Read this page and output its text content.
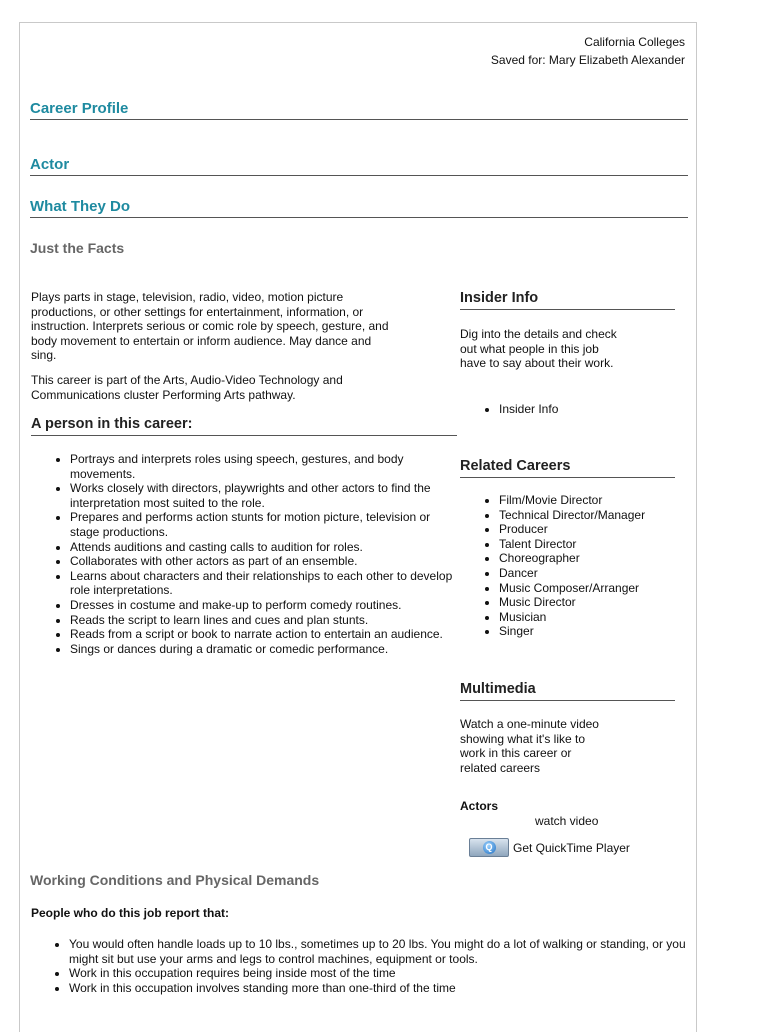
California Colleges
Saved for: Mary Elizabeth Alexander
Career Profile
Actor
What They Do
Just the Facts
Plays parts in stage, television, radio, video, motion picture productions, or other settings for entertainment, information, or instruction. Interprets serious or comic role by speech, gesture, and body movement to entertain or inform audience. May dance and sing.
This career is part of the Arts, Audio-Video Technology and Communications cluster Performing Arts pathway.
A person in this career:
Portrays and interprets roles using speech, gestures, and body movements.
Works closely with directors, playwrights and other actors to find the interpretation most suited to the role.
Prepares and performs action stunts for motion picture, television or stage productions.
Attends auditions and casting calls to audition for roles.
Collaborates with other actors as part of an ensemble.
Learns about characters and their relationships to each other to develop role interpretations.
Dresses in costume and make-up to perform comedy routines.
Reads the script to learn lines and cues and plan stunts.
Reads from a script or book to narrate action to entertain an audience.
Sings or dances during a dramatic or comedic performance.
Insider Info
Dig into the details and check out what people in this job have to say about their work.
Insider Info
Related Careers
Film/Movie Director
Technical Director/Manager
Producer
Talent Director
Choreographer
Dancer
Music Composer/Arranger
Music Director
Musician
Singer
Multimedia
Watch a one-minute video showing what it's like to work in this career or related careers
Actors
watch video
Q Get QuickTime Player
Working Conditions and Physical Demands
People who do this job report that:
You would often handle loads up to 10 lbs., sometimes up to 20 lbs. You might do a lot of walking or standing, or you might sit but use your arms and legs to control machines, equipment or tools.
Work in this occupation requires being inside most of the time
Work in this occupation involves standing more than one-third of the time
